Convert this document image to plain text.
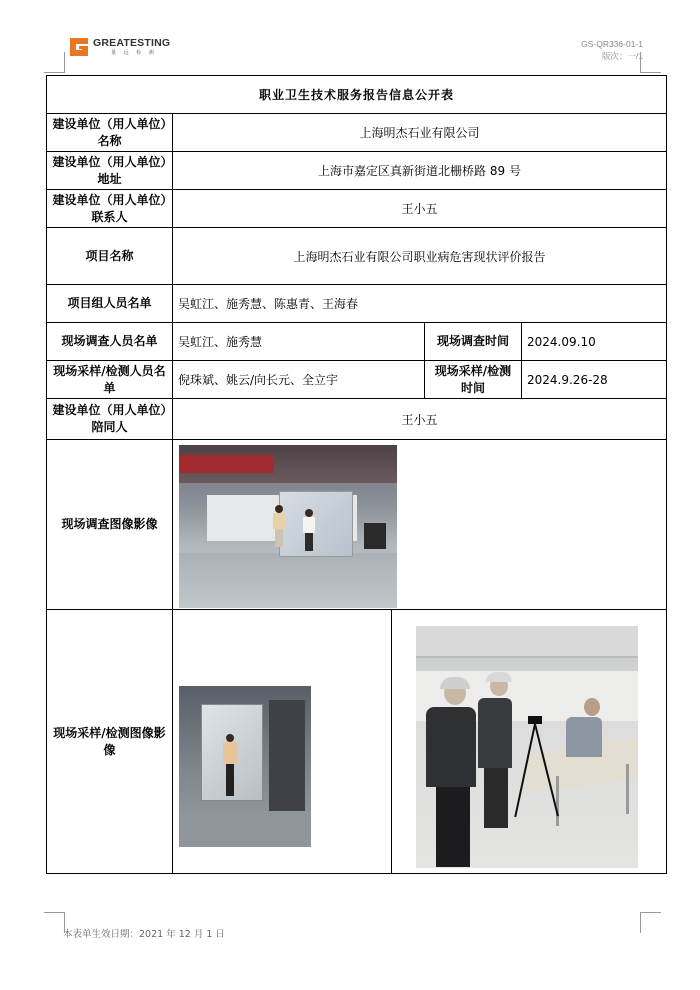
GREATESTING
量 远 检 测
GS-QR336-01-1
版次：一/1
职业卫生技术服务报告信息公开表				
建设单位（用人单位）名称	上海明杰石业有限公司			
建设单位（用人单位）地址	上海市嘉定区真新街道北栅桥路 89 号			
建设单位（用人单位）联系人	王小五			
项目名称	上海明杰石业有限公司职业病危害现状评价报告			
项目组人员名单	吴虹江、施秀慧、陈惠青、王海春			
现场调查人员名单	吴虹江、施秀慧		现场调查时间	2024.09.10
现场采样/检测人员名单	倪珠斌、姚云/向长元、全立宇		现场采样/检测时间	2024.9.26-28
建设单位（用人单位）陪同人	王小五			
现场调查图像影像				

现场采样/检测图像影像			

本表单生效日期：2021 年 12 月 1 日
